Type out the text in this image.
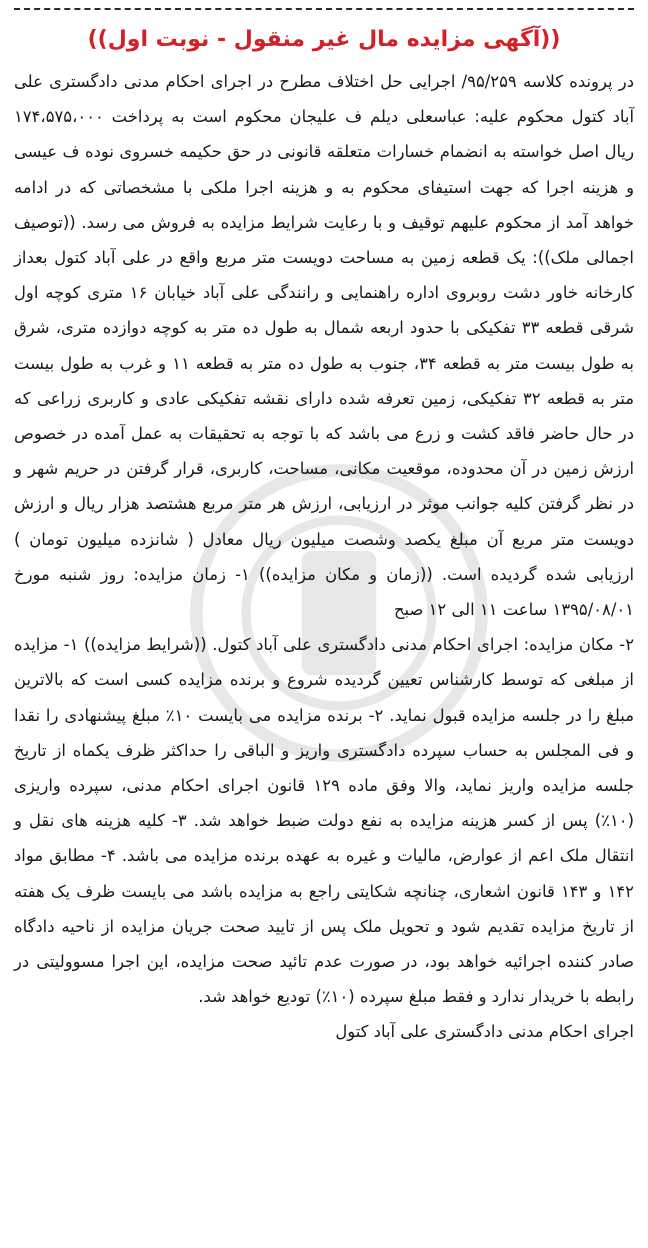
((آگهی مزایده مال غیر منقول - نوبت اول))
در پرونده کلاسه ۹۵/۲۵۹/ اجرایی حل اختلاف مطرح در اجرای احکام مدنی دادگستری علی آباد کتول محکوم علیه: عباسعلی دیلم ف علیجان محکوم است به پرداخت ۱۷۴،۵۷۵،۰۰۰ ریال اصل خواسته به انضمام خسارات متعلقه قانونی در حق حکیمه خسروی نوده ف عیسی و هزینه اجرا که جهت استیفای محکوم به و هزینه اجرا ملکی با مشخصاتی که در ادامه خواهد آمد از محکوم علیهم توقیف و با رعایت شرایط مزایده به فروش می رسد. ((توصیف اجمالی ملک)): یک قطعه زمین به مساحت دویست متر مربع واقع در علی آباد کتول بعداز کارخانه خاور دشت روبروی اداره راهنمایی و رانندگی علی آباد خیابان ۱۶ متری کوچه اول شرقی قطعه ۳۳ تفکیکی با حدود اربعه شمال به طول ده متر به کوچه دوازده متری، شرق به طول بیست متر به قطعه ۳۴، جنوب به طول ده متر به قطعه ۱۱ و غرب به طول بیست متر به قطعه ۳۲ تفکیکی، زمین تعرفه شده دارای نقشه تفکیکی عادی و کاربری زراعی که در حال حاضر فاقد کشت و زرع می باشد که با توجه به تحقیقات به عمل آمده در خصوص ارزش زمین در آن محدوده، موقعیت مکانی، مساحت، کاربری، قرار گرفتن در حریم شهر و در نظر گرفتن کلیه جوانب موثر در ارزیابی، ارزش هر متر مربع هشتصد هزار ریال و ارزش دویست متر مربع آن مبلغ یکصد وشصت میلیون ریال معادل ( شانزده میلیون تومان ) ارزیابی شده گردیده است. ((زمان و مکان مزایده)) ۱- زمان مزایده: روز شنبه مورخ ۱۳۹۵/۰۸/۰۱ ساعت ۱۱ الی ۱۲ صبح
۲- مکان مزایده: اجرای احکام مدنی دادگستری علی آباد کتول. ((شرایط مزایده)) ۱- مزایده از مبلغی که توسط کارشناس تعیین گردیده شروع و برنده مزایده کسی است که بالاترین مبلغ را در جلسه مزایده قبول نماید. ۲- برنده مزایده می بایست ۱۰٪ مبلغ پیشنهادی را نقدا و فی المجلس به حساب سپرده دادگستری واریز و الباقی را حداکثر ظرف یکماه از تاریخ جلسه مزایده واریز نماید، والا وفق ماده ۱۲۹ قانون اجرای احکام مدنی، سپرده واریزی (۱۰٪) پس از کسر هزینه مزایده به نفع دولت ضبط خواهد شد. ۳- کلیه هزینه های نقل و انتقال ملک اعم از عوارض، مالیات و غیره به عهده برنده مزایده می باشد. ۴- مطابق مواد ۱۴۲ و ۱۴۳ قانون اشعاری، چنانچه شکایتی راجع به مزایده باشد می بایست ظرف یک هفته از تاریخ مزایده تقدیم شود و تحویل ملک پس از تایید صحت جریان مزایده از ناحیه دادگاه صادر کننده اجرائیه خواهد بود، در صورت عدم تائید صحت مزایده، این اجرا مسوولیتی در رابطه با خریدار ندارد و فقط مبلغ سپرده (۱۰٪) تودیع خواهد شد.
اجرای احکام مدنی دادگستری علی آباد کتول
